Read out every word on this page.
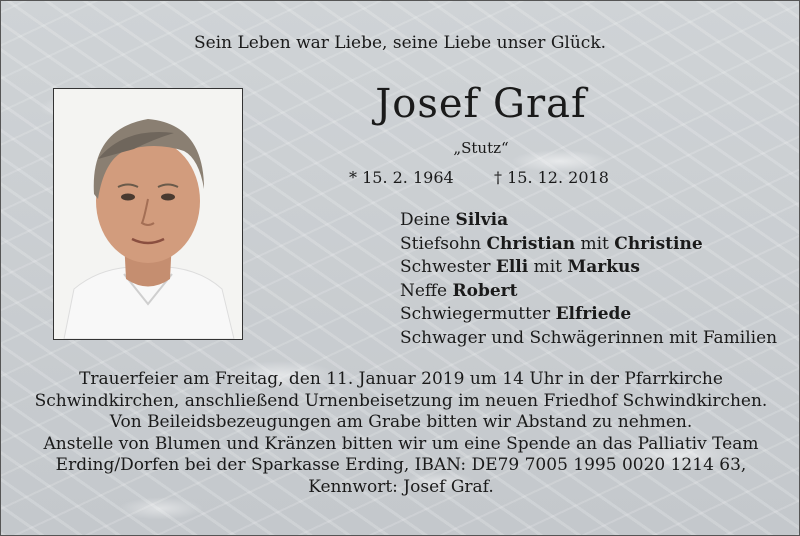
Sein Leben war Liebe, seine Liebe unser Glück.
Josef Graf
„Stutz“
* 15. 2. 1964	† 15. 12. 2018
Deine Silvia
Stiefsohn Christian mit Christine
Schwester Elli mit Markus
Neffe Robert
Schwiegermutter Elfriede
Schwager und Schwägerinnen mit Familien
Trauerfeier am Freitag, den 11. Januar 2019 um 14 Uhr in der Pfarrkirche
Schwindkirchen, anschließend Urnenbeisetzung im neuen Friedhof Schwindkirchen.
Von Beileidsbezeugungen am Grabe bitten wir Abstand zu nehmen.
Anstelle von Blumen und Kränzen bitten wir um eine Spende an das Palliativ Team
Erding/Dorfen bei der Sparkasse Erding, IBAN: DE79 7005 1995 0020 1214 63,
Kennwort: Josef Graf.
